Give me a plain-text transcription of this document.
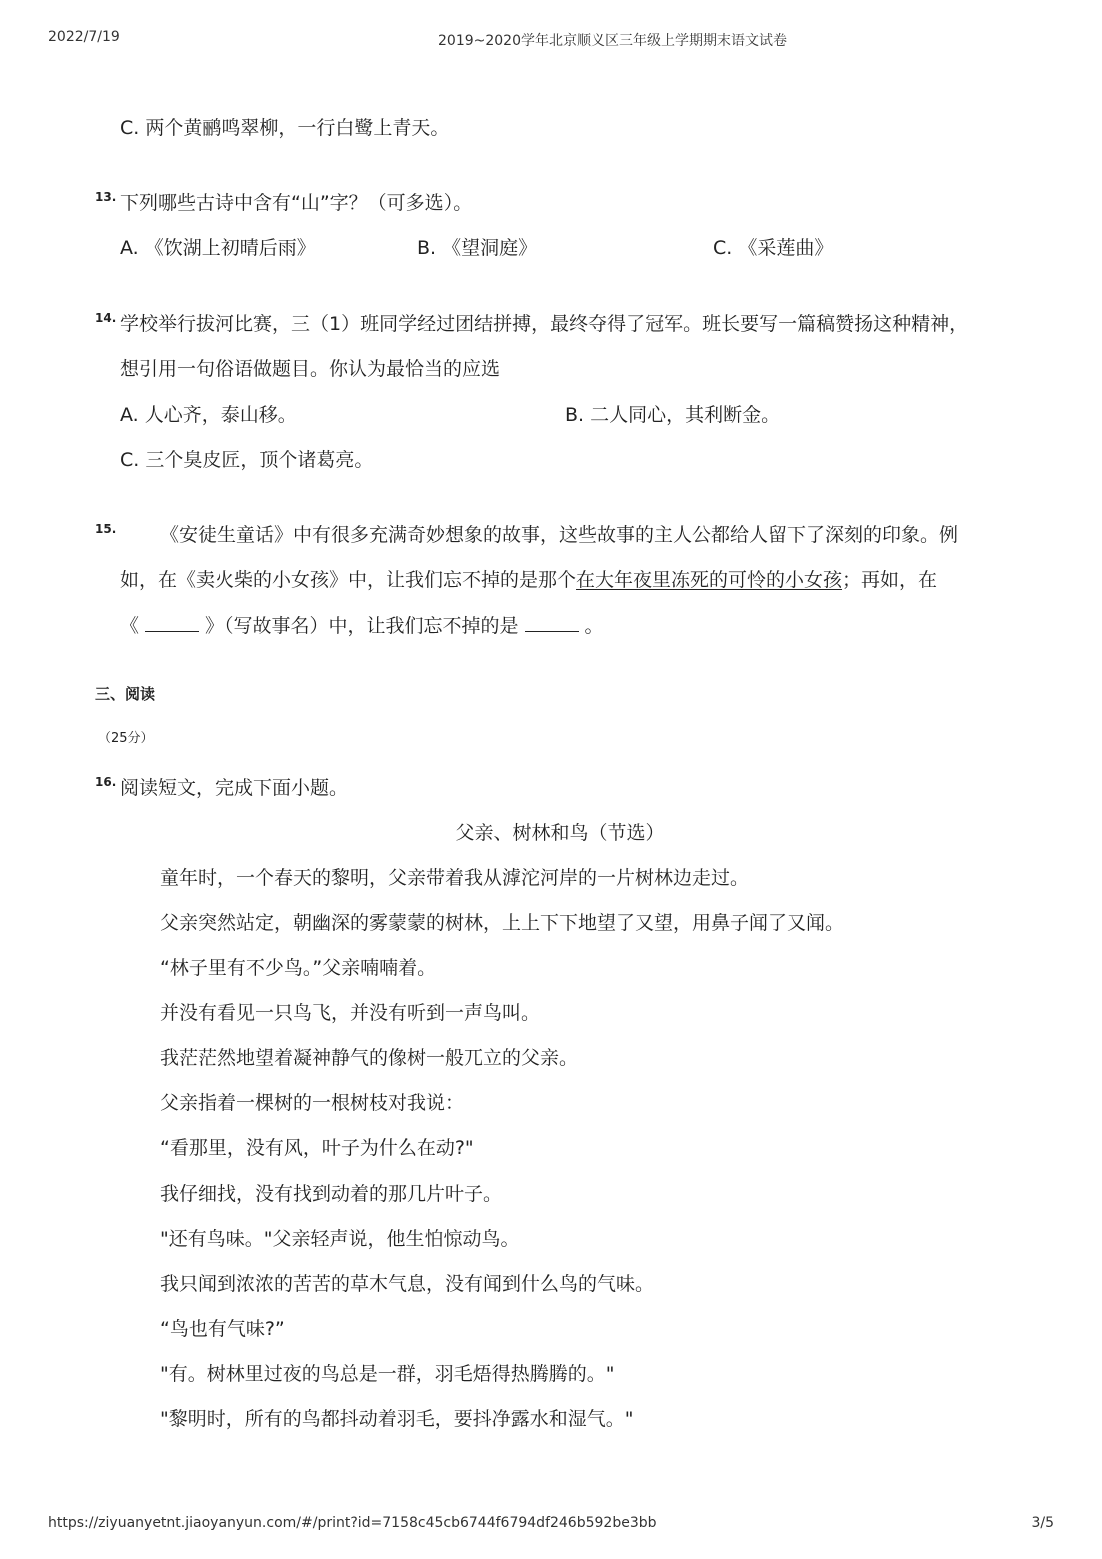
2022/7/19	2019~2020学年北京顺义区三年级上学期期末语文试卷
C. 两个黄鹂鸣翠柳，一行白鹭上青天。
13. 下列哪些古诗中含有“山”字？（可多选）。
A. 《饮湖上初晴后雨》	B. 《望洞庭》	C. 《采莲曲》
14. 学校举行拔河比赛，三（1）班同学经过团结拼搏，最终夺得了冠军。班长要写一篇稿赞扬这种精神，
想引用一句俗语做题目。你认为最恰当的应选
A. 人心齐，泰山移。	B. 二人同心，其利断金。
C. 三个臭皮匠，顶个诸葛亮。
15. 《安徒生童话》中有很多充满奇妙想象的故事，这些故事的主人公都给人留下了深刻的印象。例
如，在《卖火柴的小女孩》中，让我们忘不掉的是那个在大年夜里冻死的可怜的小女孩；再如，在
《	》（写故事名）中，让我们忘不掉的是	。
三、阅读
（25分）
16. 阅读短文，完成下面小题。
父亲、树林和鸟（节选）
童年时，一个春天的黎明，父亲带着我从滹沱河岸的一片树林边走过。
父亲突然站定，朝幽深的雾蒙蒙的树林，上上下下地望了又望，用鼻子闻了又闻。
“林子里有不少鸟。”父亲喃喃着。
并没有看见一只鸟飞，并没有听到一声鸟叫。
我茫茫然地望着凝神静气的像树一般兀立的父亲。
父亲指着一棵树的一根树枝对我说：
“看那里，没有风，叶子为什么在动?"
我仔细找，没有找到动着的那几片叶子。
"还有鸟味。"父亲轻声说，他生怕惊动鸟。
我只闻到浓浓的苦苦的草木气息，没有闻到什么鸟的气味。
“鸟也有气味?”
"有。树林里过夜的鸟总是一群，羽毛焐得热腾腾的。"
"黎明时，所有的鸟都抖动着羽毛，要抖净露水和湿气。"
https://ziyuanyetnt.jiaoyanyun.com/#/print?id=7158c45cb6744f6794df246b592be3bb	3/5
